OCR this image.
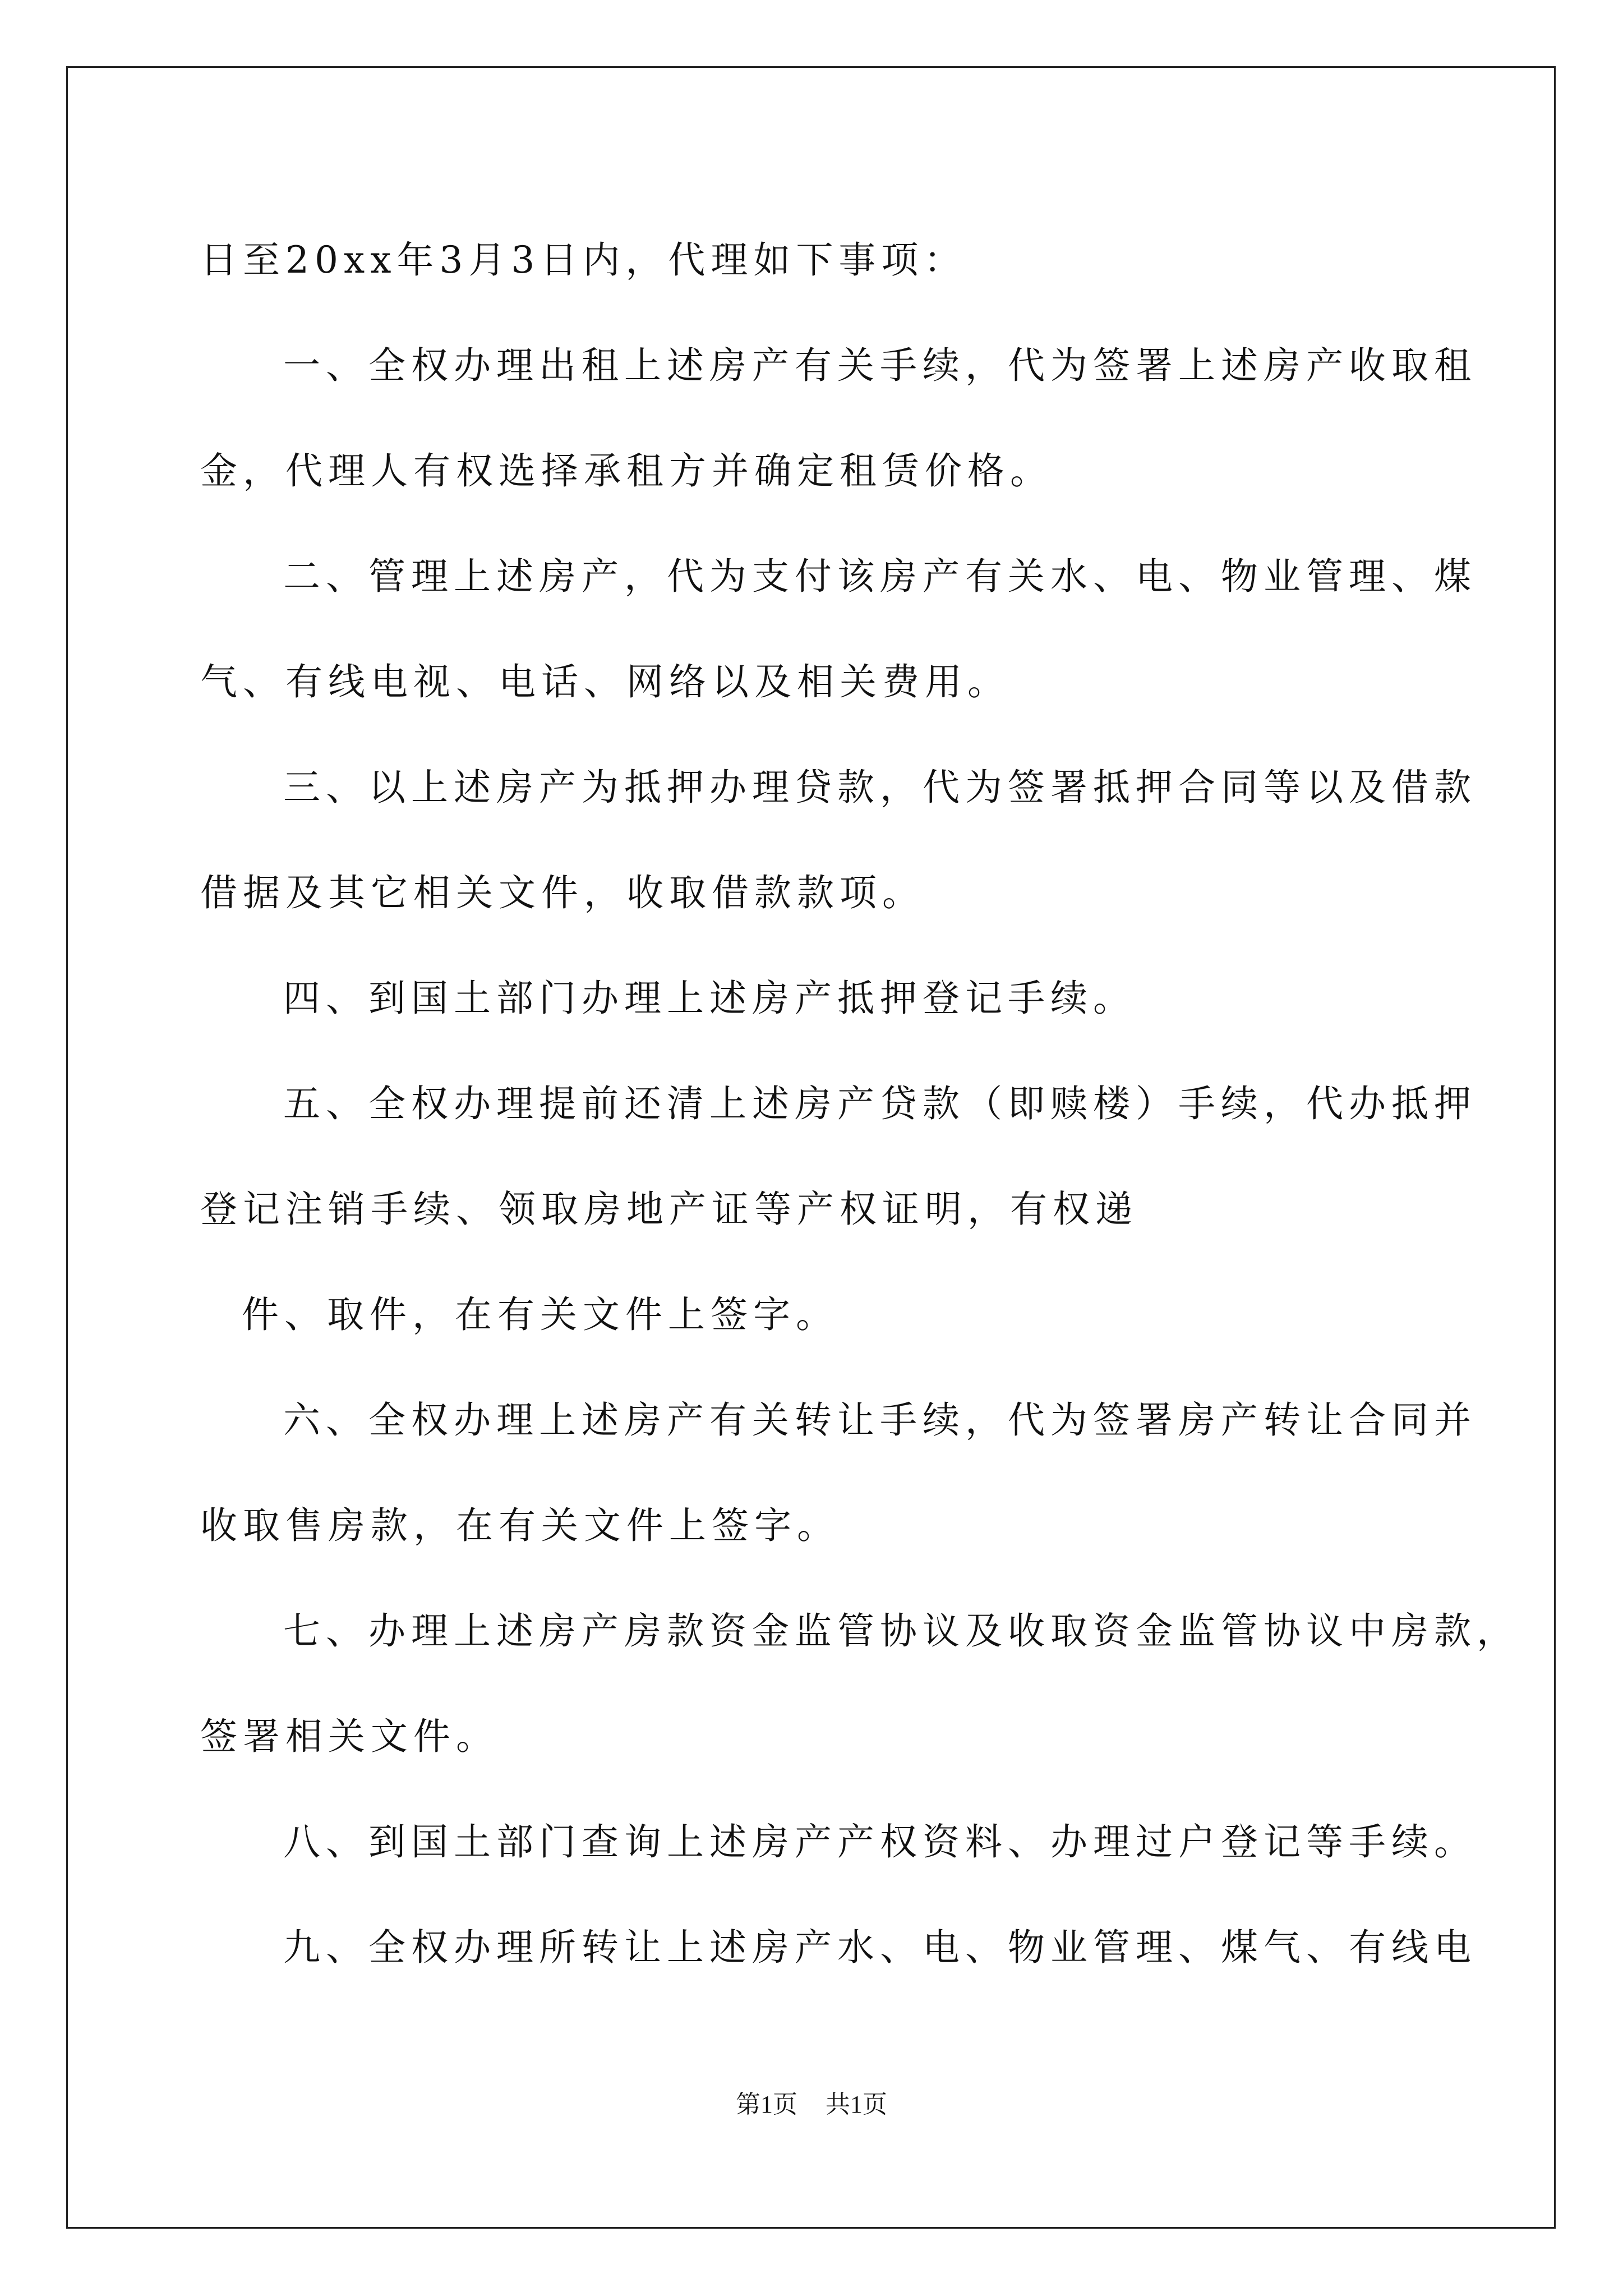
日至20xx年3月3日内，代理如下事项：
一、全权办理出租上述房产有关手续，代为签署上述房产收取租
金，代理人有权选择承租方并确定租赁价格。
二、管理上述房产，代为支付该房产有关水、电、物业管理、煤
气、有线电视、电话、网络以及相关费用。
三、以上述房产为抵押办理贷款，代为签署抵押合同等以及借款
借据及其它相关文件，收取借款款项。
四、到国土部门办理上述房产抵押登记手续。
五、全权办理提前还清上述房产贷款（即赎楼）手续，代办抵押
登记注销手续、领取房地产证等产权证明，有权递
件、取件，在有关文件上签字。
六、全权办理上述房产有关转让手续，代为签署房产转让合同并
收取售房款，在有关文件上签字。
七、办理上述房产房款资金监管协议及收取资金监管协议中房款，
签署相关文件。
八、到国土部门查询上述房产产权资料、办理过户登记等手续。
九、全权办理所转让上述房产水、电、物业管理、煤气、有线电
第1页 共1页
